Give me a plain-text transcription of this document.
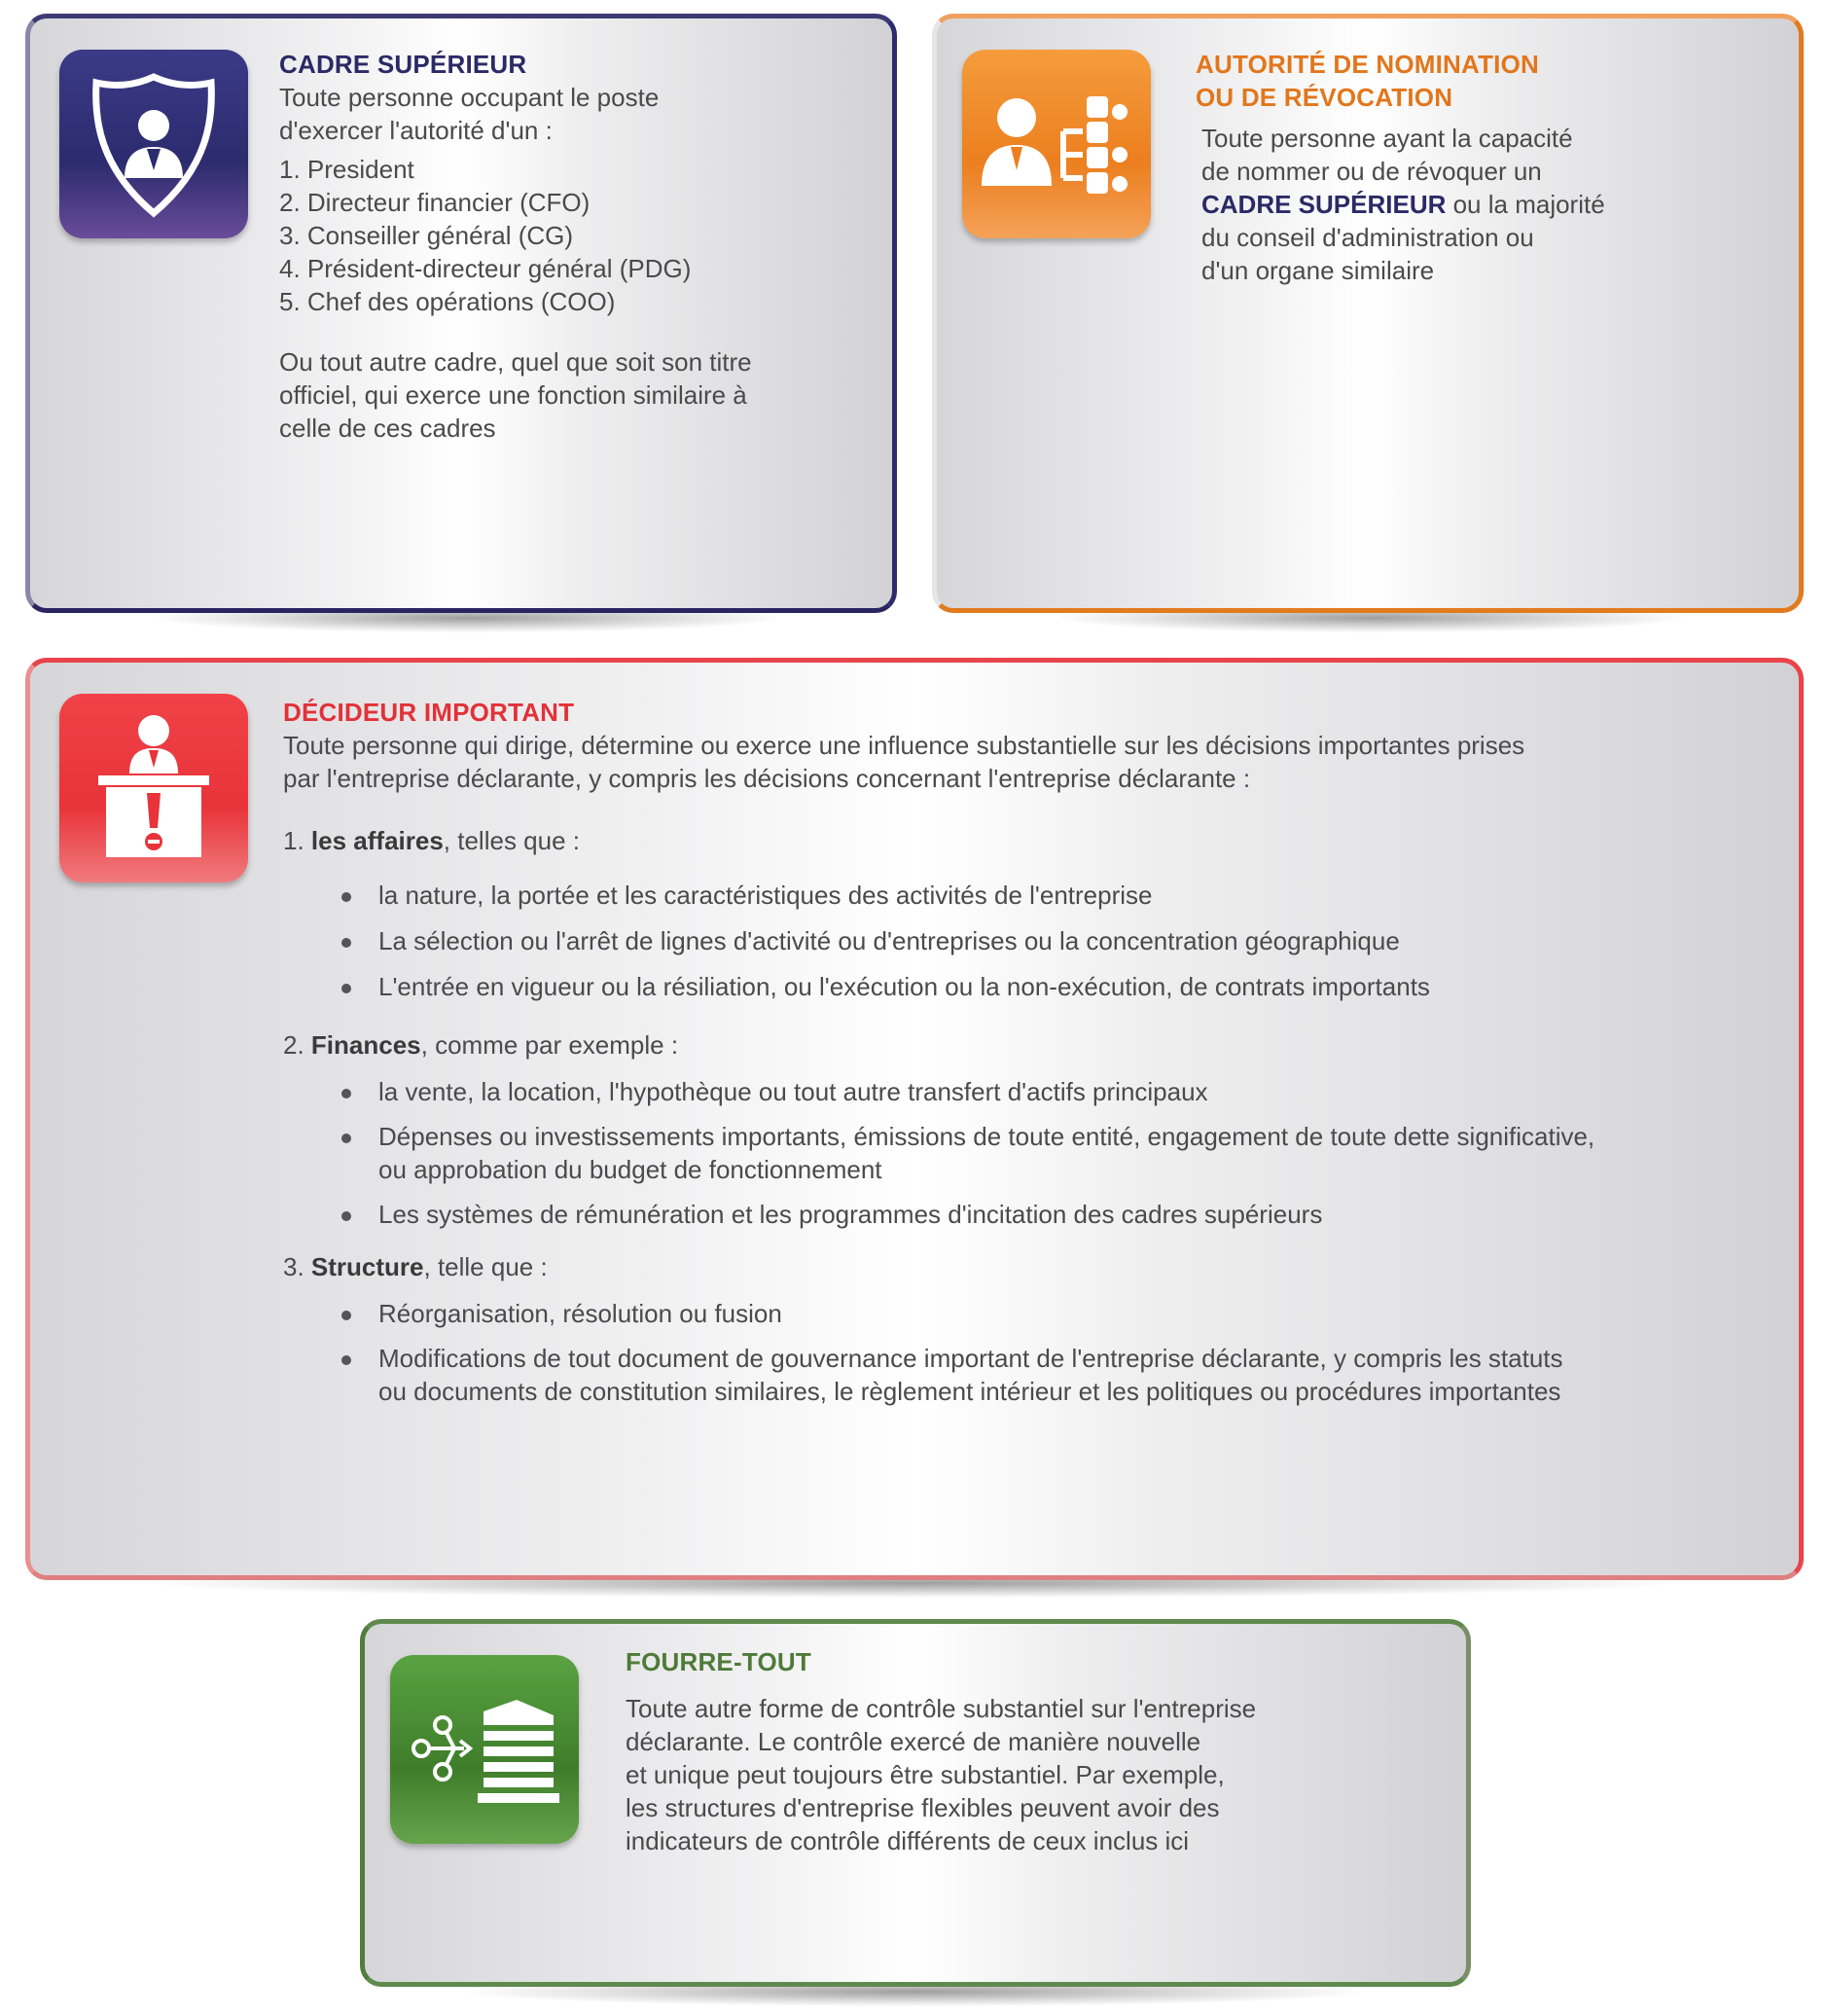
CADRE SUPÉRIEUR

Toute personne occupant le poste

d'exercer l'autorité d'un :

1. President
2. Directeur financier (CFO)
3. Conseiller général (CG)
4. Président-directeur général (PDG)
5. Chef des opérations (COO)

Ou tout autre cadre, quel que soit son titre

officiel, qui exerce une fonction similaire à

celle de ces cadres

AUTORITÉ DE NOMINATION

OU DE RÉVOCATION

Toute personne ayant la capacité

de nommer ou de révoquer un

CADRE SUPÉRIEUR ou la majorité

du conseil d'administration ou

d'un organe similaire

DÉCIDEUR IMPORTANT

Toute personne qui dirige, détermine ou exerce une influence substantielle sur les décisions importantes prises

par l'entreprise déclarante, y compris les décisions concernant l'entreprise déclarante :

1. les affaires, telles que :

la nature, la portée et les caractéristiques des activités de l'entreprise
La sélection ou l'arrêt de lignes d'activité ou d'entreprises ou la concentration géographique
L'entrée en vigueur ou la résiliation, ou l'exécution ou la non-exécution, de contrats importants

2. Finances, comme par exemple :

la vente, la location, l'hypothèque ou tout autre transfert d'actifs principaux
Dépenses ou investissements importants, émissions de toute entité, engagement de toute dette significative,
ou approbation du budget de fonctionnement
Les systèmes de rémunération et les programmes d'incitation des cadres supérieurs

3. Structure, telle que :

Réorganisation, résolution ou fusion
Modifications de tout document de gouvernance important de l'entreprise déclarante, y compris les statuts
ou documents de constitution similaires, le règlement intérieur et les politiques ou procédures importantes

FOURRE-TOUT

Toute autre forme de contrôle substantiel sur l'entreprise

déclarante. Le contrôle exercé de manière nouvelle

et unique peut toujours être substantiel. Par exemple,

les structures d'entreprise flexibles peuvent avoir des

indicateurs de contrôle différents de ceux inclus ici
